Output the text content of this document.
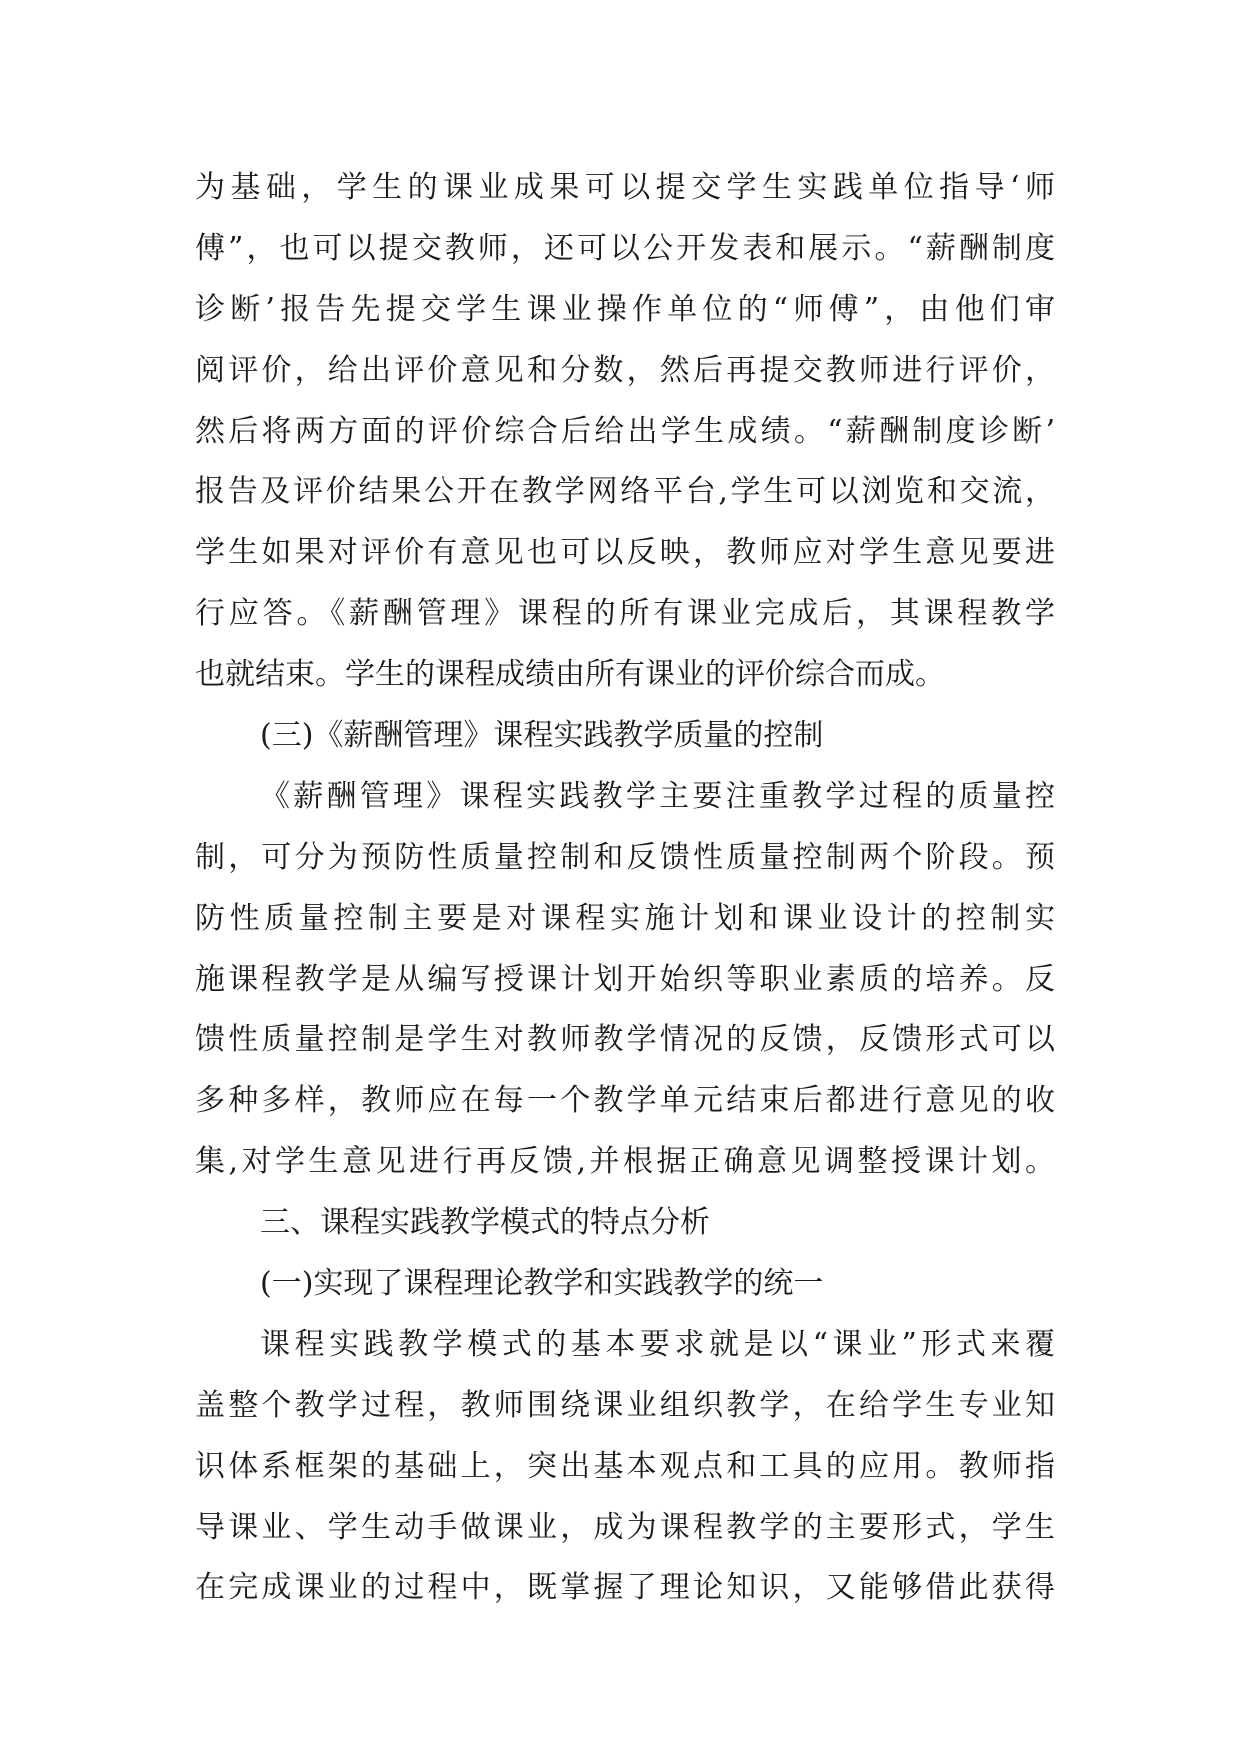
为基础，学生的课业成果可以提交学生实践单位指导‘师
傅”，也可以提交教师，还可以公开发表和展示。“薪酬制度
诊断’报告先提交学生课业操作单位的“师傅”，由他们审
阅评价，给出评价意见和分数，然后再提交教师进行评价，
然后将两方面的评价综合后给出学生成绩。“薪酬制度诊断’
报告及评价结果公开在教学网络平台,学生可以浏览和交流，
学生如果对评价有意见也可以反映，教师应对学生意见要进
行应答。《薪酬管理》课程的所有课业完成后，其课程教学
也就结束。学生的课程成绩由所有课业的评价综合而成。
(三)《薪酬管理》课程实践教学质量的控制
《薪酬管理》课程实践教学主要注重教学过程的质量控
制，可分为预防性质量控制和反馈性质量控制两个阶段。预
防性质量控制主要是对课程实施计划和课业设计的控制实
施课程教学是从编写授课计划开始织等职业素质的培养。反
馈性质量控制是学生对教师教学情况的反馈，反馈形式可以
多种多样，教师应在每一个教学单元结束后都进行意见的收
集,对学生意见进行再反馈,并根据正确意见调整授课计划。
三、课程实践教学模式的特点分析
(一)实现了课程理论教学和实践教学的统一
课程实践教学模式的基本要求就是以“课业”形式来覆
盖整个教学过程，教师围绕课业组织教学，在给学生专业知
识体系框架的基础上，突出基本观点和工具的应用。教师指
导课业、学生动手做课业，成为课程教学的主要形式，学生
在完成课业的过程中，既掌握了理论知识，又能够借此获得
